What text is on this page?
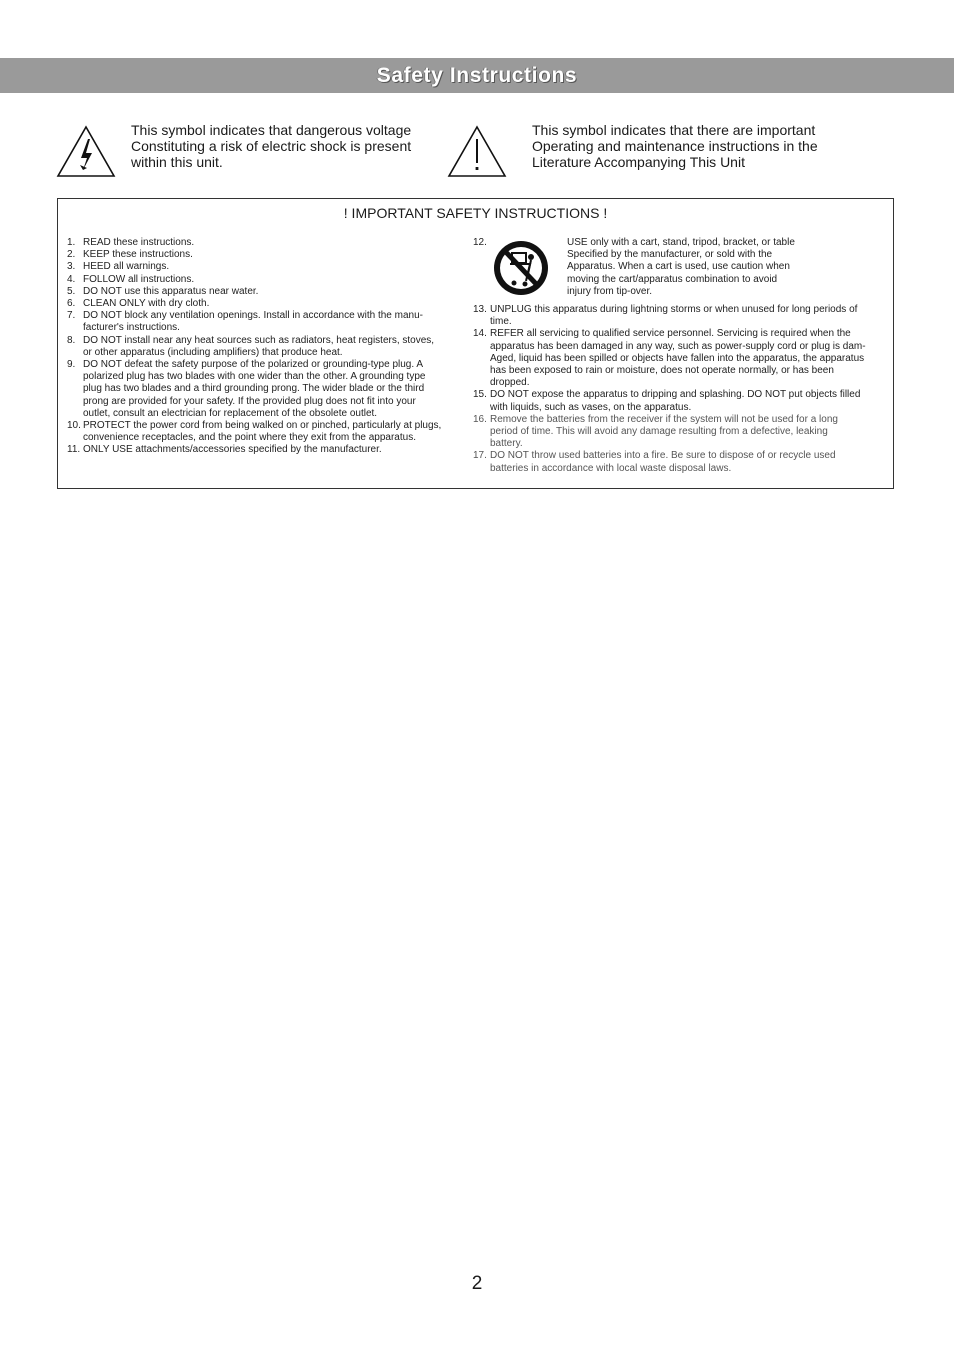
Safety Instructions
This symbol indicates that dangerous voltage
Constituting a risk of electric shock is present
within this unit.
This symbol indicates that there are important
Operating and maintenance instructions in the
Literature Accompanying This Unit
! IMPORTANT SAFETY INSTRUCTIONS !
1. READ these instructions.
2. KEEP these instructions.
3. HEED all warnings.
4. FOLLOW all instructions.
5. DO NOT use this apparatus near water.
6. CLEAN ONLY with dry cloth.
7. DO NOT block any ventilation openings. Install in accordance with the manu-
facturer's instructions.
8. DO NOT install near any heat sources such as radiators, heat registers, stoves,
or other apparatus (including amplifiers) that produce heat.
9. DO NOT defeat the safety purpose of the polarized or grounding-type plug. A
polarized plug has two blades with one wider than the other. A grounding type
plug has two blades and a third grounding prong. The wider blade or the third
prong are provided for your safety. If the provided plug does not fit into your
outlet, consult an electrician for replacement of the obsolete outlet.
10. PROTECT the power cord from being walked on or pinched, particularly at plugs,
convenience receptacles, and the point where they exit from the apparatus.
11. ONLY USE attachments/accessories specified by the manufacturer.
12.	USE only with a cart, stand, tripod, bracket, or table
Specified by the manufacturer, or sold with the
Apparatus. When a cart is used, use caution when
moving the cart/apparatus combination to avoid
injury from tip-over.
13. UNPLUG this apparatus during lightning storms or when unused for long periods of
time.
14. REFER all servicing to qualified service personnel. Servicing is required when the
apparatus has been damaged in any way, such as power-supply cord or plug is dam-
Aged, liquid has been spilled or objects have fallen into the apparatus, the apparatus
has been exposed to rain or moisture, does not operate normally, or has been
dropped.
15. DO NOT expose the apparatus to dripping and splashing. DO NOT put objects filled
with liquids, such as vases, on the apparatus.
16. Remove the batteries from the receiver if the system will not be used for a long
period of time. This will avoid any damage resulting from a defective, leaking
battery.
17. DO NOT throw used batteries into a fire. Be sure to dispose of or recycle used
batteries in accordance with local waste disposal laws.
2
